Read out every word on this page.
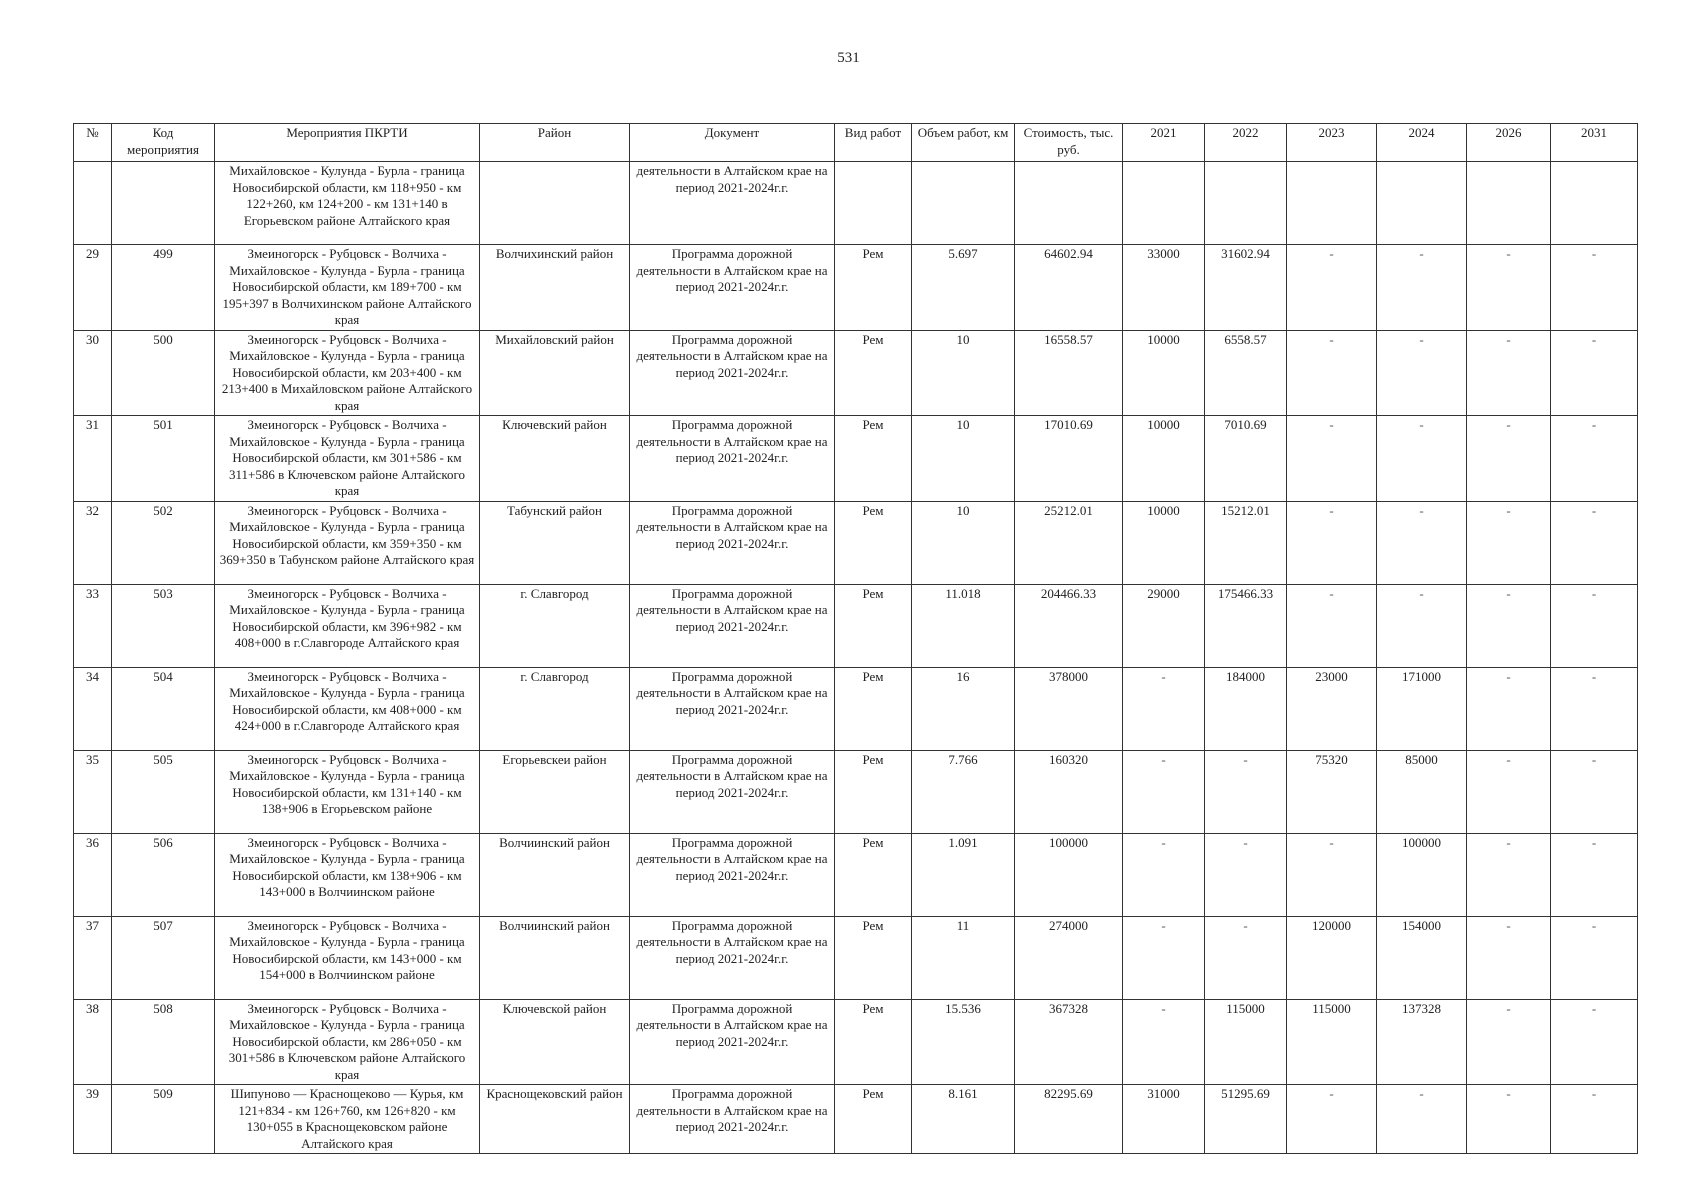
531
№	Код мероприятия	Мероприятия ПКРТИ	Район	Документ	Вид работ	Объем работ, км	Стоимость, тыс. руб.	2021	2022	2023	2024	2026	2031
		Михайловское - Кулунда - Бурла - граница Новосибирской области, км 118+950 - км 122+260, км 124+200 - км 131+140 в Егорьевском районе Алтайского края		деятельности в Алтайском крае на период 2021-2024г.г.									
29	499	Змеиногорск - Рубцовск - Волчиха - Михайловское - Кулунда - Бурла - граница Новосибирской области, км 189+700 - км 195+397 в Волчихинском районе Алтайского края	Волчихинский район	Программа дорожной деятельности в Алтайском крае на период 2021-2024г.г.	Рем	5.697	64602.94	33000	31602.94	-	-	-	-
30	500	Змеиногорск - Рубцовск - Волчиха - Михайловское - Кулунда - Бурла - граница Новосибирской области, км 203+400 - км 213+400 в Михайловском районе Алтайского края	Михайловский район	Программа дорожной деятельности в Алтайском крае на период 2021-2024г.г.	Рем	10	16558.57	10000	6558.57	-	-	-	-
31	501	Змеиногорск - Рубцовск - Волчиха - Михайловское - Кулунда - Бурла - граница Новосибирской области, км 301+586 - км 311+586 в Ключевском районе Алтайского края	Ключевский район	Программа дорожной деятельности в Алтайском крае на период 2021-2024г.г.	Рем	10	17010.69	10000	7010.69	-	-	-	-
32	502	Змеиногорск - Рубцовск - Волчиха - Михайловское - Кулунда - Бурла - граница Новосибирской области, км 359+350 - км 369+350 в Табунском районе Алтайского края	Табунский район	Программа дорожной деятельности в Алтайском крае на период 2021-2024г.г.	Рем	10	25212.01	10000	15212.01	-	-	-	-
33	503	Змеиногорск - Рубцовск - Волчиха - Михайловское - Кулунда - Бурла - граница Новосибирской области, км 396+982 - км 408+000 в г.Славгороде Алтайского края	г. Славгород	Программа дорожной деятельности в Алтайском крае на период 2021-2024г.г.	Рем	11.018	204466.33	29000	175466.33	-	-	-	-
34	504	Змеиногорск - Рубцовск - Волчиха - Михайловское - Кулунда - Бурла - граница Новосибирской области, км 408+000 - км 424+000 в г.Славгороде Алтайского края	г. Славгород	Программа дорожной деятельности в Алтайском крае на период 2021-2024г.г.	Рем	16	378000	-	184000	23000	171000	-	-
35	505	Змеиногорск - Рубцовск - Волчиха - Михайловское - Кулунда - Бурла - граница Новосибирской области, км 131+140 - км 138+906 в Егорьевском районе	Егорьевскеи район	Программа дорожной деятельности в Алтайском крае на период 2021-2024г.г.	Рем	7.766	160320	-	-	75320	85000	-	-
36	506	Змеиногорск - Рубцовск - Волчиха - Михайловское - Кулунда - Бурла - граница Новосибирской области, км 138+906 - км 143+000 в Волчиинском районе	Волчиинский район	Программа дорожной деятельности в Алтайском крае на период 2021-2024г.г.	Рем	1.091	100000	-	-	-	100000	-	-
37	507	Змеиногорск - Рубцовск - Волчиха - Михайловское - Кулунда - Бурла - граница Новосибирской области, км 143+000 - км 154+000 в Волчиинском районе	Волчиинский район	Программа дорожной деятельности в Алтайском крае на период 2021-2024г.г.	Рем	11	274000	-	-	120000	154000	-	-
38	508	Змеиногорск - Рубцовск - Волчиха - Михайловское - Кулунда - Бурла - граница Новосибирской области, км 286+050 - км 301+586 в Ключевском районе Алтайского края	Ключевской район	Программа дорожной деятельности в Алтайском крае на период 2021-2024г.г.	Рем	15.536	367328	-	115000	115000	137328	-	-
39	509	Шипуново — Краснощеково — Курья, км 121+834 - км 126+760, км 126+820 - км 130+055 в Краснощековском районе Алтайского края	Краснощековский район	Программа дорожной деятельности в Алтайском крае на период 2021-2024г.г.	Рем	8.161	82295.69	31000	51295.69	-	-	-	-
